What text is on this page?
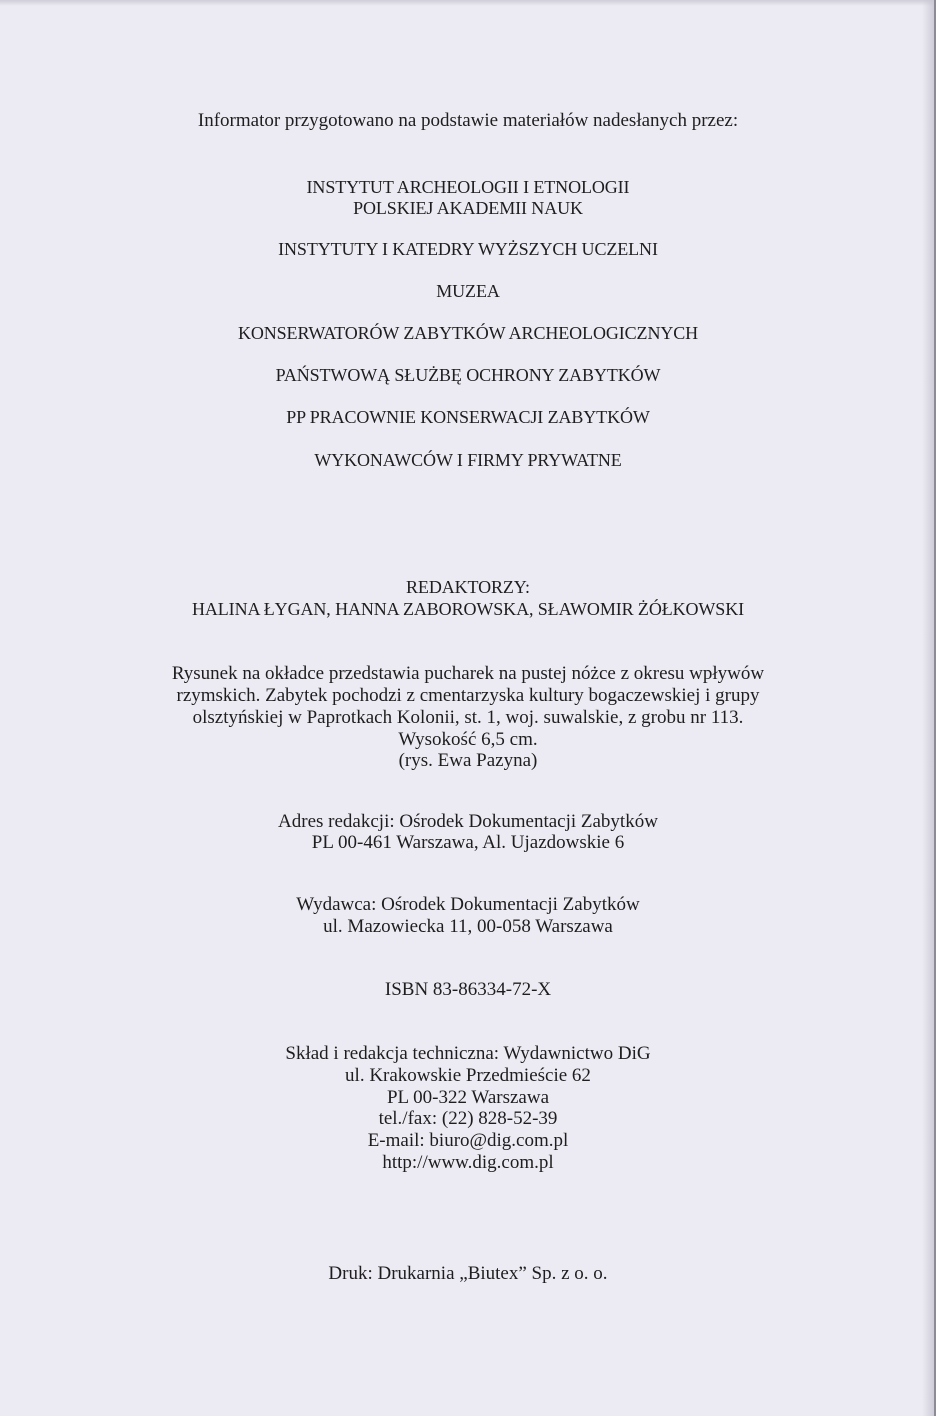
Informator przygotowano na podstawie materiałów nadesłanych przez:

INSTYTUT ARCHEOLOGII I ETNOLOGII

POLSKIEJ AKADEMII NAUK

INSTYTUTY I KATEDRY WYŻSZYCH UCZELNI

MUZEA

KONSERWATORÓW ZABYTKÓW ARCHEOLOGICZNYCH

PAŃSTWOWĄ SŁUŻBĘ OCHRONY ZABYTKÓW

PP PRACOWNIE KONSERWACJI ZABYTKÓW

WYKONAWCÓW I FIRMY PRYWATNE

REDAKTORZY:

HALINA ŁYGAN, HANNA ZABOROWSKA, SŁAWOMIR ŻÓŁKOWSKI

Rysunek na okładce przedstawia pucharek na pustej nóżce z okresu wpływów

rzymskich. Zabytek pochodzi z cmentarzyska kultury bogaczewskiej i grupy

olsztyńskiej w Paprotkach Kolonii, st. 1, woj. suwalskie, z grobu nr 113.

Wysokość 6,5 cm.

(rys. Ewa Pazyna)

Adres redakcji: Ośrodek Dokumentacji Zabytków

PL 00-461 Warszawa, Al. Ujazdowskie 6

Wydawca: Ośrodek Dokumentacji Zabytków

ul. Mazowiecka 11, 00-058 Warszawa

ISBN 83-86334-72-X

Skład i redakcja techniczna: Wydawnictwo DiG

ul. Krakowskie Przedmieście 62

PL 00-322 Warszawa

tel./fax: (22) 828-52-39

E-mail: biuro@dig.com.pl

http://www.dig.com.pl

Druk: Drukarnia „Biutex” Sp. z o. o.
